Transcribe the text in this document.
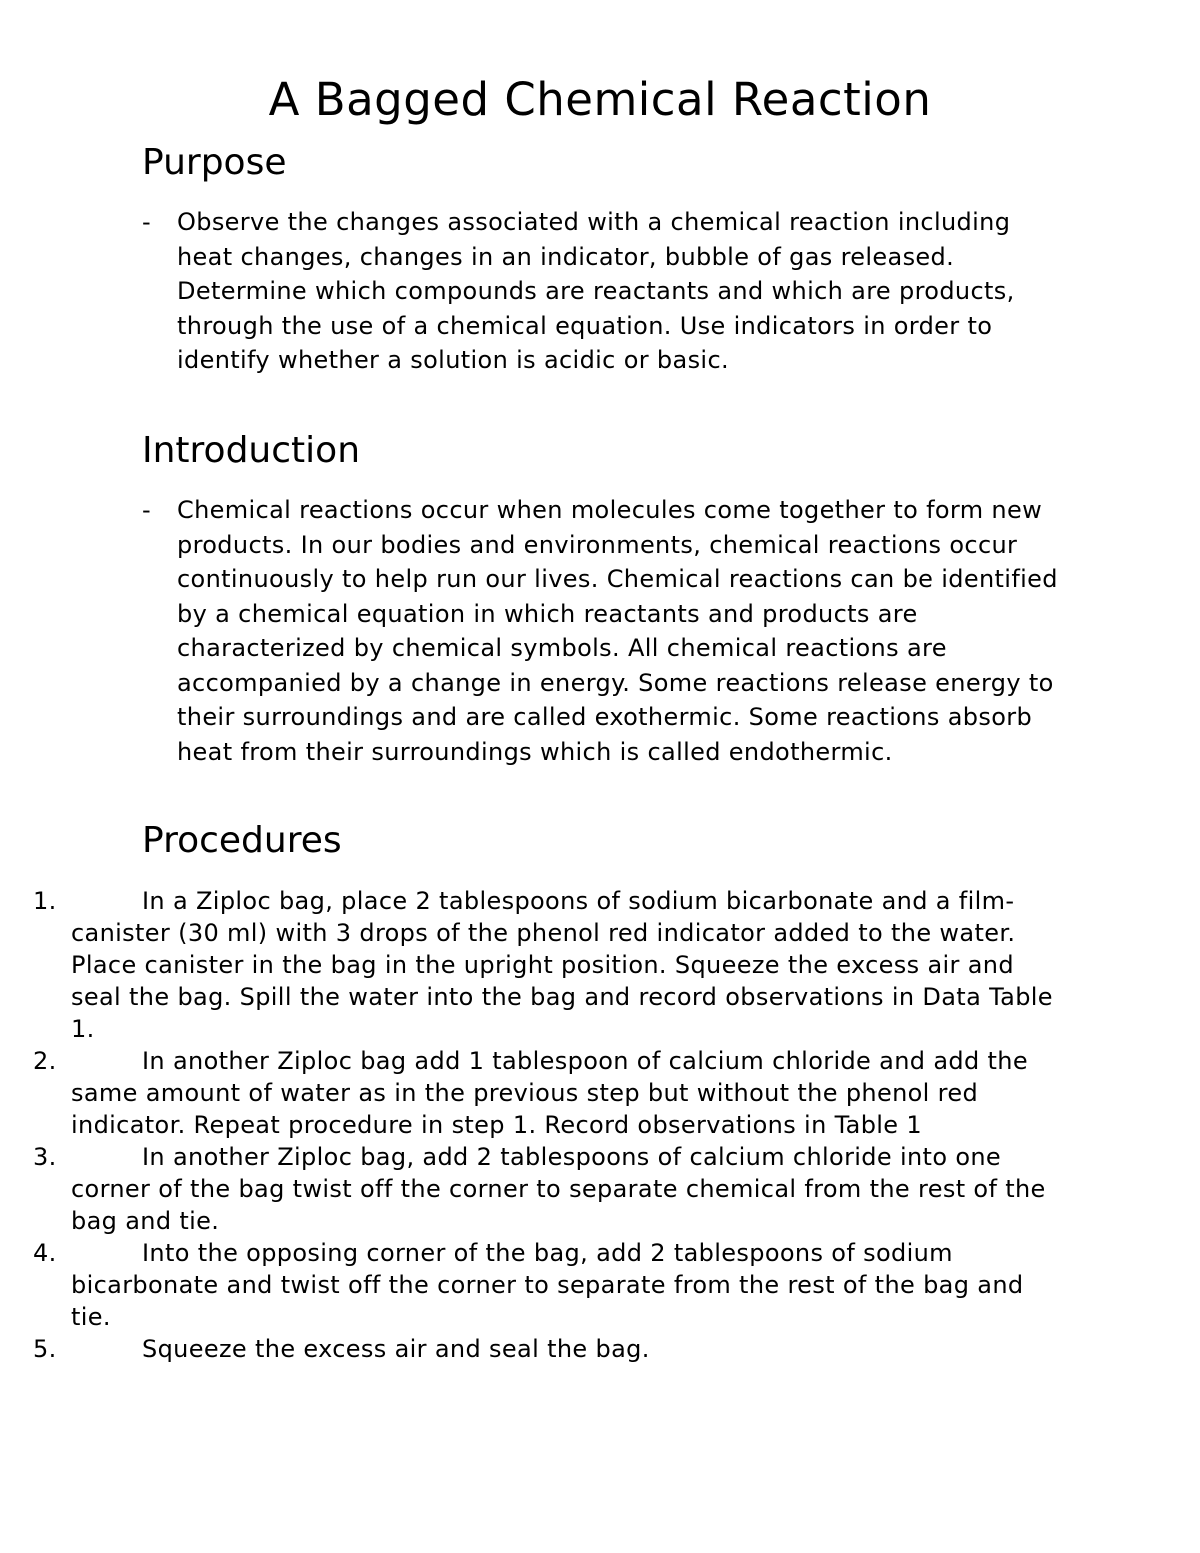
A Bagged Chemical Reaction
Purpose
- Observe the changes associated with a chemical reaction including heat changes, changes in an indicator, bubble of gas released. Determine which compounds are reactants and which are products, through the use of a chemical equation. Use indicators in order to identify whether a solution is acidic or basic.
Introduction
- Chemical reactions occur when molecules come together to form new products. In our bodies and environments, chemical reactions occur continuously to help run our lives. Chemical reactions can be identified by a chemical equation in which reactants and products are characterized by chemical symbols. All chemical reactions are accompanied by a change in energy. Some reactions release energy to their surroundings and are called exothermic. Some reactions absorb heat from their surroundings which is called endothermic.
Procedures
1.	In a Ziploc bag, place 2 tablespoons of sodium bicarbonate and a film-canister (30 ml) with 3 drops of the phenol red indicator added to the water. Place canister in the bag in the upright position. Squeeze the excess air and seal the bag. Spill the water into the bag and record observations in Data Table 1.
2.	In another Ziploc bag add 1 tablespoon of calcium chloride and add the same amount of water as in the previous step but without the phenol red indicator. Repeat procedure in step 1. Record observations in Table 1
3.	In another Ziploc bag, add 2 tablespoons of calcium chloride into one corner of the bag twist off the corner to separate chemical from the rest of the bag and tie.
4.	Into the opposing corner of the bag, add 2 tablespoons of sodium bicarbonate and twist off the corner to separate from the rest of the bag and tie.
5.	Squeeze the excess air and seal the bag.
